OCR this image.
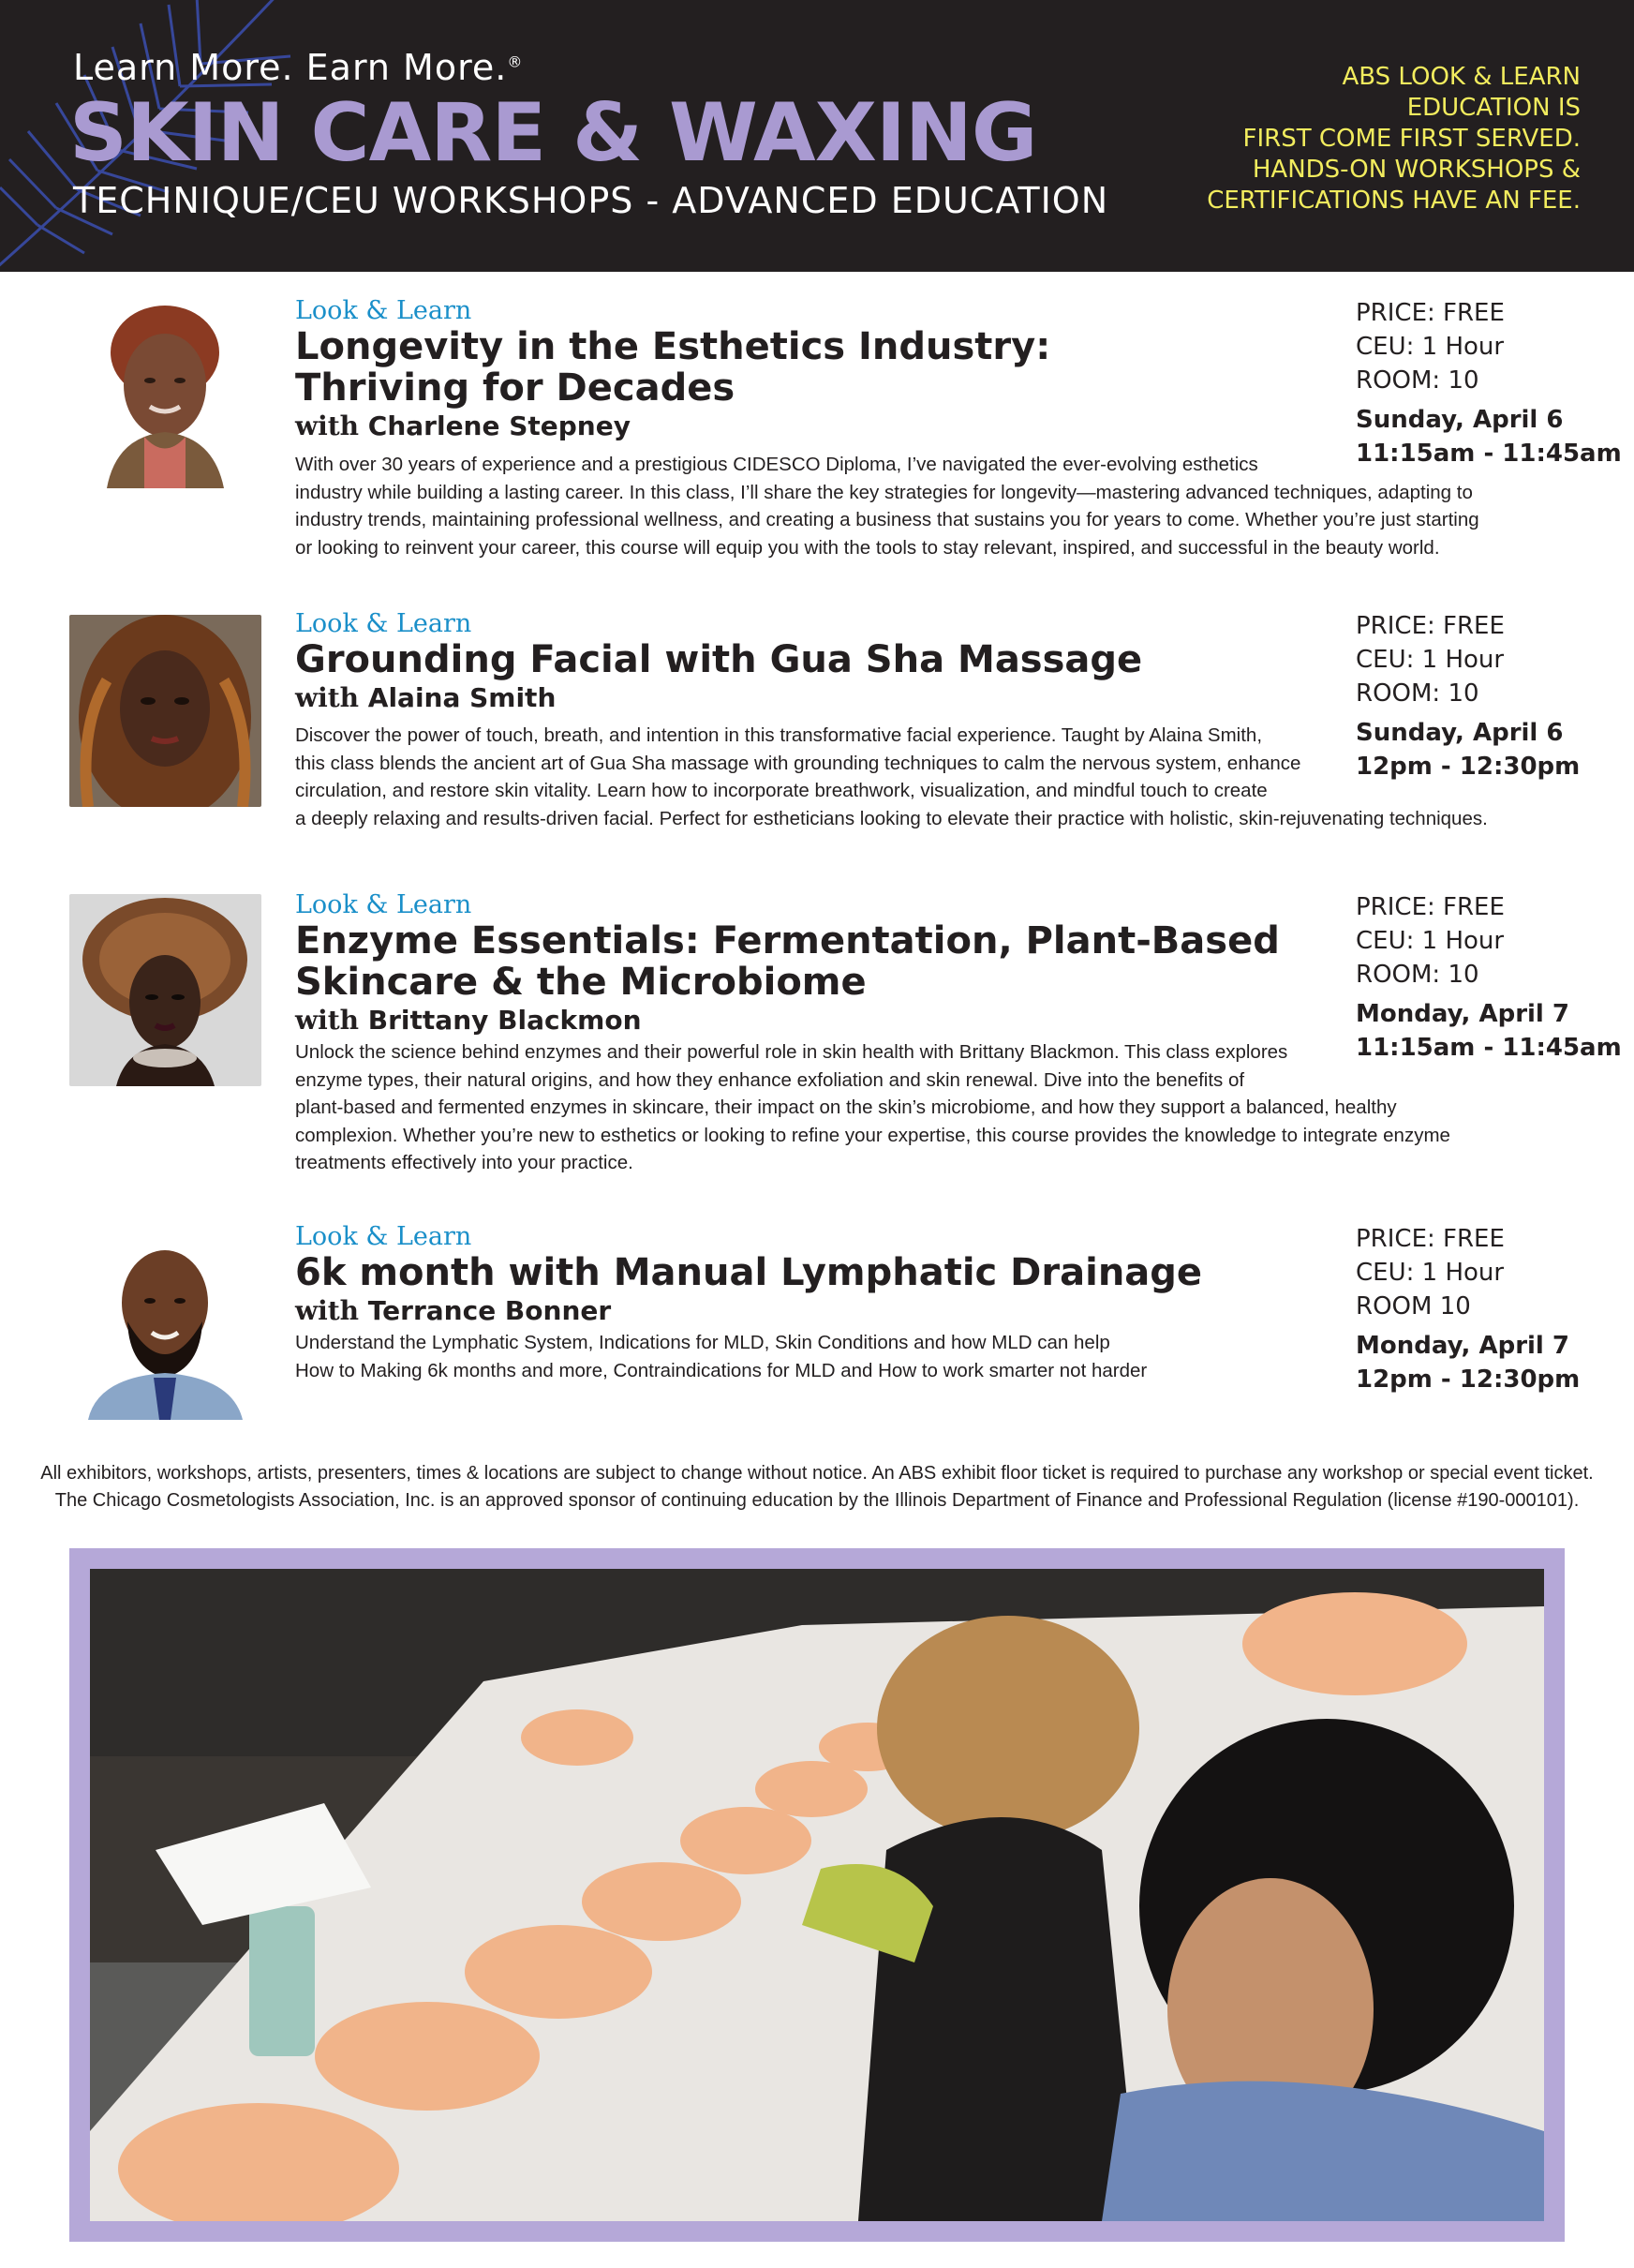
Learn More. Earn More.®
SKIN CARE & WAXING
TECHNIQUE/CEU WORKSHOPS - ADVANCED EDUCATION
ABS LOOK & LEARN
EDUCATION IS
FIRST COME FIRST SERVED.
HANDS-ON WORKSHOPS &
CERTIFICATIONS HAVE AN FEE.
Look & Learn
Longevity in the Esthetics Industry:
Thriving for Decades
with Charlene Stepney
With over 30 years of experience and a prestigious CIDESCO Diploma, I’ve navigated the ever-evolving esthetics
industry while building a lasting career. In this class, I’ll share the key strategies for longevity—mastering advanced techniques, adapting to
industry trends, maintaining professional wellness, and creating a business that sustains you for years to come. Whether you’re just starting
or looking to reinvent your career, this course will equip you with the tools to stay relevant, inspired, and successful in the beauty world.
PRICE: FREE
CEU: 1 Hour
ROOM: 10
Sunday, April 6
11:15am - 11:45am
Look & Learn
Grounding Facial with Gua Sha Massage
with Alaina Smith
Discover the power of touch, breath, and intention in this transformative facial experience. Taught by Alaina Smith,
this class blends the ancient art of Gua Sha massage with grounding techniques to calm the nervous system, enhance
circulation, and restore skin vitality. Learn how to incorporate breathwork, visualization, and mindful touch to create
a deeply relaxing and results-driven facial. Perfect for estheticians looking to elevate their practice with holistic, skin-rejuvenating techniques.
PRICE: FREE
CEU: 1 Hour
ROOM: 10
Sunday, April 6
12pm - 12:30pm
Look & Learn
Enzyme Essentials: Fermentation, Plant-Based
Skincare & the Microbiome
with Brittany Blackmon
Unlock the science behind enzymes and their powerful role in skin health with Brittany Blackmon. This class explores
enzyme types, their natural origins, and how they enhance exfoliation and skin renewal. Dive into the benefits of
plant-based and fermented enzymes in skincare, their impact on the skin’s microbiome, and how they support a balanced, healthy
complexion. Whether you’re new to esthetics or looking to refine your expertise, this course provides the knowledge to integrate enzyme
treatments effectively into your practice.
PRICE: FREE
CEU: 1 Hour
ROOM: 10
Monday, April 7
11:15am - 11:45am
Look & Learn
6k month with Manual Lymphatic Drainage
with Terrance Bonner
Understand the Lymphatic System, Indications for MLD, Skin Conditions and how MLD can help
How to Making 6k months and more, Contraindications for MLD and How to work smarter not harder
PRICE: FREE
CEU: 1 Hour
ROOM 10
Monday, April 7
12pm - 12:30pm
All exhibitors, workshops, artists, presenters, times & locations are subject to change without notice. An ABS exhibit floor ticket is required to purchase any workshop or special event ticket.
The Chicago Cosmetologists Association, Inc. is an approved sponsor of continuing education by the Illinois Department of Finance and Professional Regulation (license #190-000101).
